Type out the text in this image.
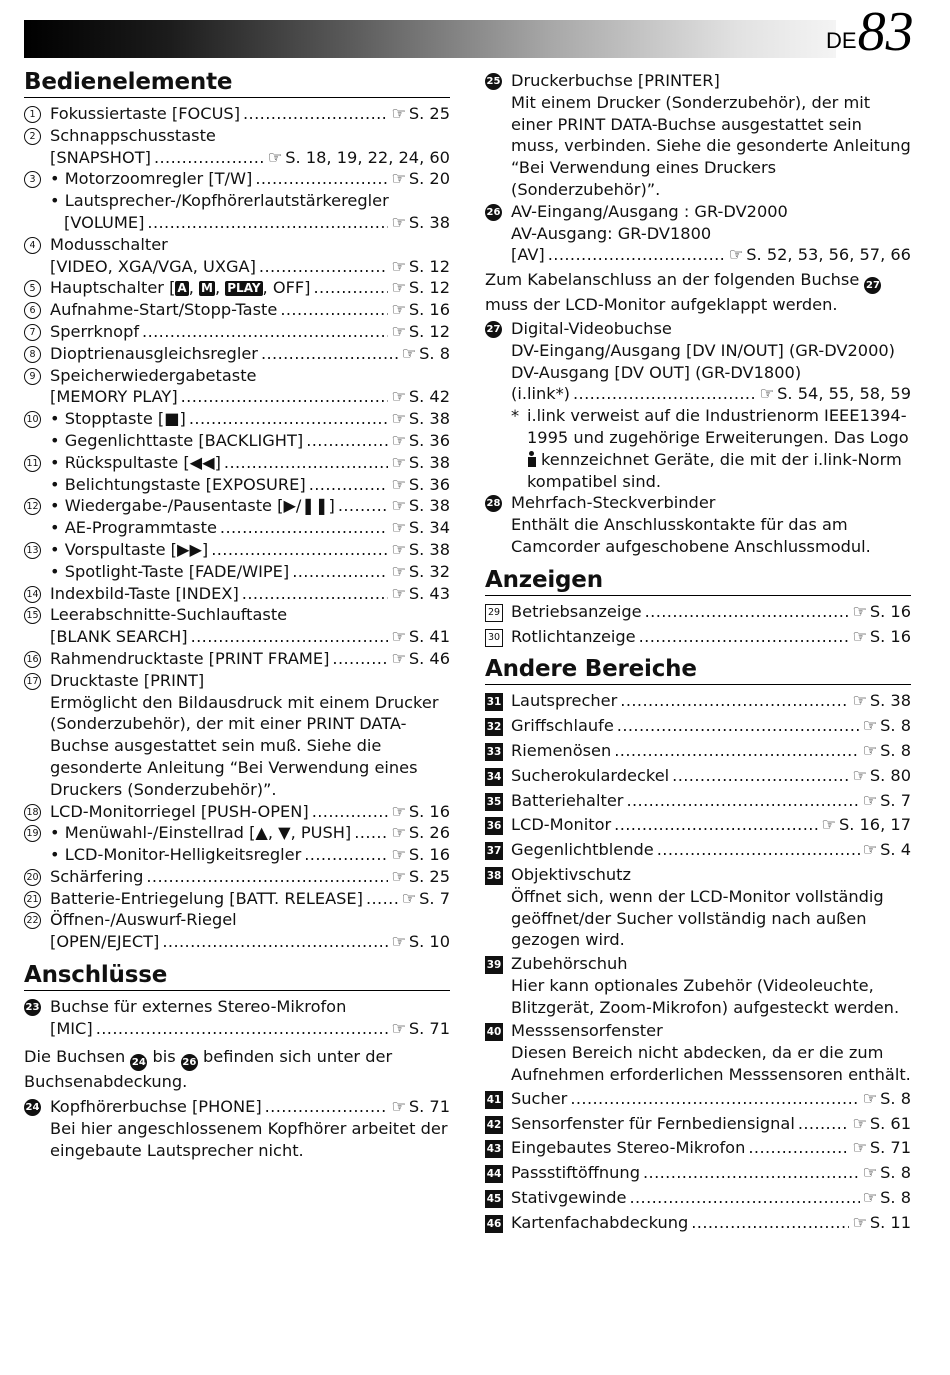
DE 83
Bedienelemente
1 Fokussiertaste [FOCUS] .....	☞ S. 25
2 Schnappschusstaste
[SNAPSHOT] .....	☞ S. 18, 19, 22, 24, 60
3 • Motorzoomregler [T/W] .....	☞ S. 20
• Lautsprecher-/Kopfhörerlautstärkeregler
[VOLUME] .....	☞ S. 38
4 Modusschalter
[VIDEO, XGA/VGA, UXGA] .....	☞ S. 12
5 Hauptschalter [ A , M , PLAY , OFF] .....	☞ S. 12
6 Aufnahme-Start/Stopp-Taste .....	☞ S. 16
7 Sperrknopf .....	☞ S. 12
8 Dioptrienausgleichsregler .....	☞ S. 8
9 Speicherwiedergabetaste
[MEMORY PLAY] .....	☞ S. 42
10 • Stopptaste [■] .....	☞ S. 38
• Gegenlichttaste [BACKLIGHT] .....	☞ S. 36
11 • Rückspultaste [◀◀] .....	☞ S. 38
• Belichtungstaste [EXPOSURE] .....	☞ S. 36
12 • Wiedergabe-/Pausentaste [▶/❚❚] .....	☞ S. 38
• AE-Programmtaste .....	☞ S. 34
13 • Vorspultaste [▶▶] .....	☞ S. 38
• Spotlight-Taste [FADE/WIPE] .....	☞ S. 32
14 Indexbild-Taste [INDEX] .....	☞ S. 43
15 Leerabschnitte-Suchlauftaste
[BLANK SEARCH] .....	☞ S. 41
16 Rahmendrucktaste [PRINT FRAME] .....	☞ S. 46
17 Drucktaste [PRINT]
Ermöglicht den Bildausdruck mit einem Drucker (Sonderzubehör), der mit einer PRINT DATA-Buchse ausgestattet sein muß. Siehe die gesonderte Anleitung “Bei Verwendung eines Druckers (Sonderzubehör)”.
18 LCD-Monitorriegel [PUSH-OPEN] .....	☞ S. 16
19 • Menüwahl-/Einstellrad [▲, ▼, PUSH] ..... ☞ S. 26
• LCD-Monitor-Helligkeitsregler .....	☞ S. 16
20 Schärfering .....	☞ S. 25
21 Batterie-Entriegelung [BATT. RELEASE] ..... ☞ S. 7
22 Öffnen-/Auswurf-Riegel
[OPEN/EJECT] .....	☞ S. 10
Anschlüsse
23 Buchse für externes Stereo-Mikrofon
[MIC] .....	☞ S. 71
Die Buchsen 24 bis 26 befinden sich unter der Buchsenabdeckung.
24 Kopfhörerbuchse [PHONE] .....	☞ S. 71
Bei hier angeschlossenem Kopfhörer arbeitet der eingebaute Lautsprecher nicht.
25 Druckerbuchse [PRINTER]
Mit einem Drucker (Sonderzubehör), der mit einer PRINT DATA-Buchse ausgestattet sein muss, verbinden. Siehe die gesonderte Anleitung “Bei Verwendung eines Druckers (Sonderzubehör)”.
26 AV-Eingang/Ausgang : GR-DV2000
AV-Ausgang: GR-DV1800
[AV] .....	☞ S. 52, 53, 56, 57, 66
Zum Kabelanschluss an der folgenden Buchse 27 muss der LCD-Monitor aufgeklappt werden.
27 Digital-Videobuchse
DV-Eingang/Ausgang [DV IN/OUT] (GR-DV2000)
DV-Ausgang [DV OUT] (GR-DV1800)
(i.link*) .....	☞ S. 54, 55, 58, 59
* i.link verweist auf die Industrienorm IEEE1394-1995 und zugehörige Erweiterungen. Das Logo
kennzeichnet Geräte, die mit der i.link-Norm kompatibel sind.
28 Mehrfach-Steckverbinder
Enthält die Anschlusskontakte für das am Camcorder aufgeschobene Anschlussmodul.
Anzeigen
29 Betriebsanzeige .....	☞ S. 16
30 Rotlichtanzeige .....	☞ S. 16
Andere Bereiche
31 Lautsprecher .....	☞ S. 38
32 Griffschlaufe .....	☞ S. 8
33 Riemenösen .....	☞ S. 8
34 Sucherokulardeckel .....	☞ S. 80
35 Batteriehalter .....	☞ S. 7
36 LCD-Monitor .....	☞ S. 16, 17
37 Gegenlichtblende .....	☞ S. 4
38 Objektivschutz
Öffnet sich, wenn der LCD-Monitor vollständig geöffnet/der Sucher vollständig nach außen gezogen wird.
39 Zubehörschuh
Hier kann optionales Zubehör (Videoleuchte, Blitzgerät, Zoom-Mikrofon) aufgesteckt werden.
40 Messsensorfenster
Diesen Bereich nicht abdecken, da er die zum Aufnehmen erforderlichen Messsensoren enthält.
41 Sucher .....	☞ S. 8
42 Sensorfenster für Fernbediensignal .....	☞ S. 61
43 Eingebautes Stereo-Mikrofon .....	☞ S. 71
44 Passstiftöffnung .....	☞ S. 8
45 Stativgewinde .....	☞ S. 8
46 Kartenfachabdeckung .....	☞ S. 11
